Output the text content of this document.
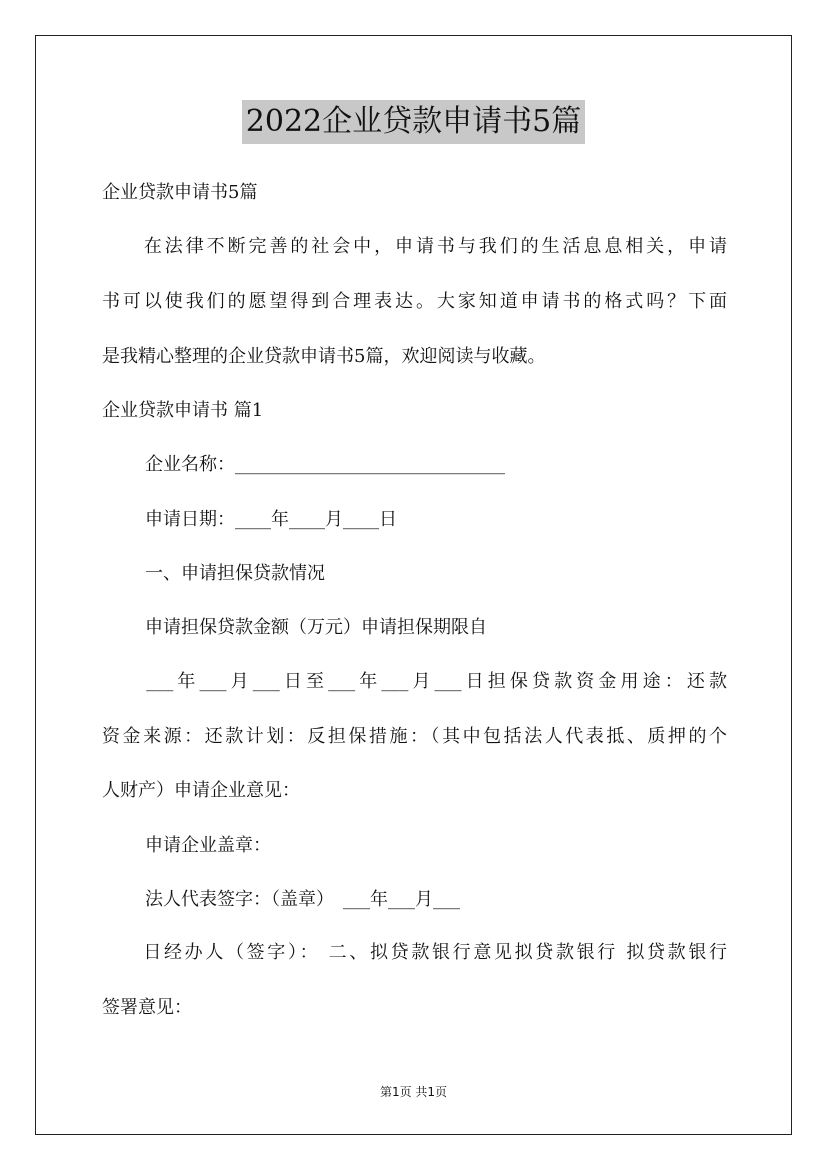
2022企业贷款申请书5篇
企业贷款申请书5篇
　　在法律不断完善的社会中，申请书与我们的生活息息相关，申请
书可以使我们的愿望得到合理表达。大家知道申请书的格式吗？下面
是我精心整理的企业贷款申请书5篇，欢迎阅读与收藏。
企业贷款申请书 篇1
企业名称：______________________________
申请日期：____年____月____日
一、申请担保贷款情况
申请担保贷款金额（万元）申请担保期限自
　　___年___月___日至___年___月___日担保贷款资金用途：还款
资金来源：还款计划：反担保措施：（其中包括法人代表抵、质押的个
人财产）申请企业意见：
申请企业盖章：
法人代表签字：（盖章）　___年___月___
　　日经办人（签字）： 二、拟贷款银行意见拟贷款银行 拟贷款银行
签署意见：
第1页 共1页
